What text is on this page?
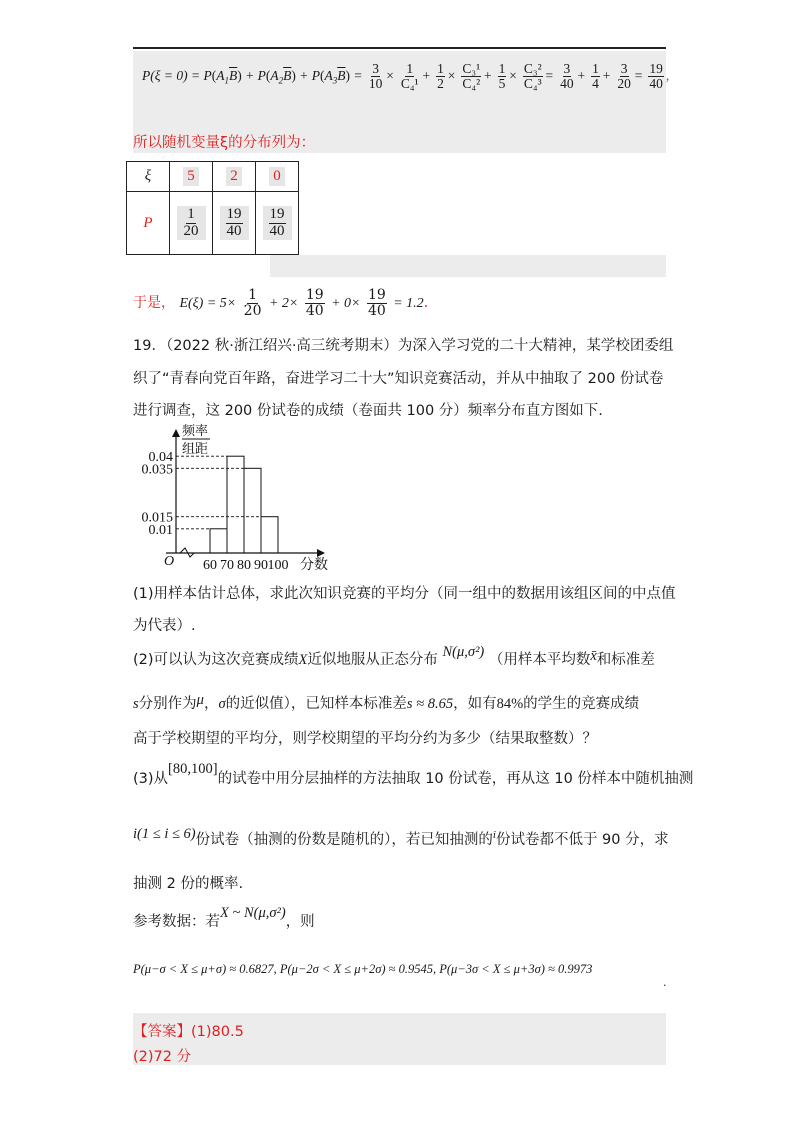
$P(\xi = 0) = P(A_1\overline{B}) + P(A_2\overline{B}) + P(A_3\overline{B}) = \frac{3}{10} \times \frac{1}{\text{C₄¹}} + \frac{1}{2} \times \frac{\text{C₃¹}}{\text{C₄²}} + \frac{1}{5} \times \frac{\text{C₃²}}{\text{C₄³}} = \frac{3}{40} + \frac{1}{4} + \frac{3}{20} = \frac{19}{40}$ ,
所以随机变量ξ的分布列为：
ξ	5	2	0
P	$\frac{1}{20}$	$\frac{19}{40}$	$\frac{19}{40}$
于是， $E(\xi) = 5\times \frac{1}{20} + 2\times \frac{19}{40} + 0\times \frac{19}{40} = 1.2$.
19．（2022 秋·浙江绍兴·高三统考期末）为深入学习党的二十大精神，某学校团委组
织了“青春向党百年路，奋进学习二十大”知识竞赛活动，并从中抽取了 200 份试卷
进行调查，这 200 份试卷的成绩（卷面共 100 分）频率分布直方图如下.
O
频率
组距
0.04
0.035
0.015
0.01
60 70 80 90 100 分数
(1)用样本估计总体，求此次知识竞赛的平均分（同一组中的数据用该组区间的中点值
为代表）.
(2)可以认为这次竞赛成绩X近似地服从正态分布 N(μ,σ²) （用样本平均数x̄和标准差
s分别作为μ，σ的近似值），已知样本标准差s ≈ 8.65，如有84%的学生的竞赛成绩
高于学校期望的平均分，则学校期望的平均分约为多少（结果取整数）？
(3)从[80,100]的试卷中用分层抽样的方法抽取 10 份试卷，再从这 10 份样本中随机抽测
i(1 ≤ i ≤ 6)份试卷（抽测的份数是随机的），若已知抽测的$^i$份试卷都不低于 90 分，求
抽测 2 份的概率.
参考数据：若X ~ N(μ,σ²)，则
P(μ−σ < X ≤ μ+σ) ≈ 0.6827, P(μ−2σ < X ≤ μ+2σ) ≈ 0.9545, P(μ−3σ < X ≤ μ+3σ) ≈ 0.9973
.
【答案】(1)80.5
(2)72 分
